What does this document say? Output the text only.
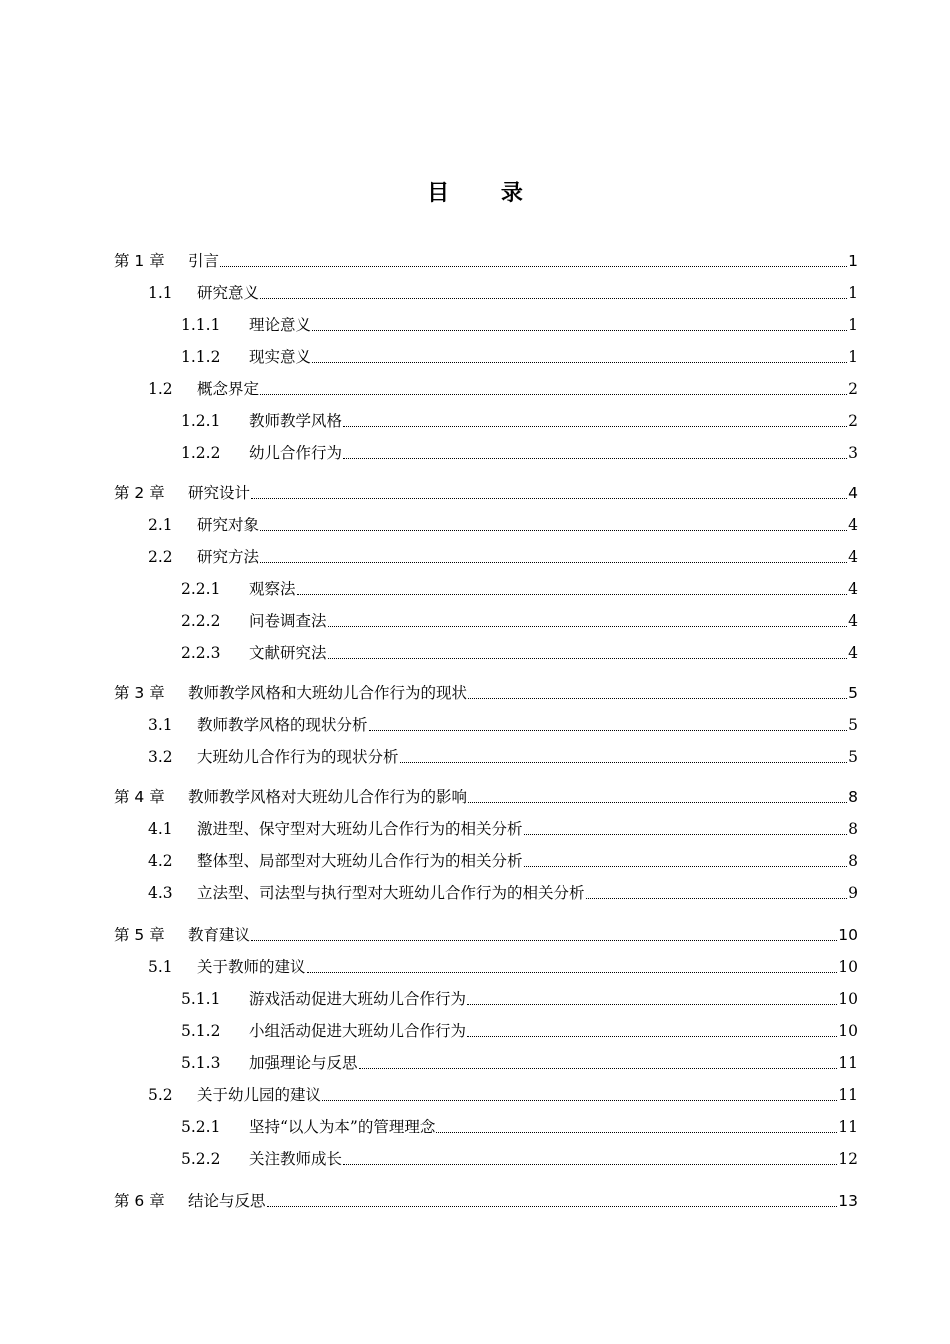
目 录
第 1 章	引言	1
1.1	研究意义	1
1.1.1	理论意义	1
1.1.2	现实意义	1
1.2	概念界定	2
1.2.1	教师教学风格	2
1.2.2	幼儿合作行为	3
第 2 章	研究设计	4
2.1	研究对象	4
2.2	研究方法	4
2.2.1	观察法	4
2.2.2	问卷调查法	4
2.2.3	文献研究法	4
第 3 章	教师教学风格和大班幼儿合作行为的现状	5
3.1	教师教学风格的现状分析	5
3.2	大班幼儿合作行为的现状分析	5
第 4 章	教师教学风格对大班幼儿合作行为的影响	8
4.1	激进型、保守型对大班幼儿合作行为的相关分析	8
4.2	整体型、局部型对大班幼儿合作行为的相关分析	8
4.3	立法型、司法型与执行型对大班幼儿合作行为的相关分析	9
第 5 章	教育建议	10
5.1	关于教师的建议	10
5.1.1	游戏活动促进大班幼儿合作行为	10
5.1.2	小组活动促进大班幼儿合作行为	10
5.1.3	加强理论与反思	11
5.2	关于幼儿园的建议	11
5.2.1	坚持“以人为本”的管理理念	11
5.2.2	关注教师成长	12
第 6 章	结论与反思	13
